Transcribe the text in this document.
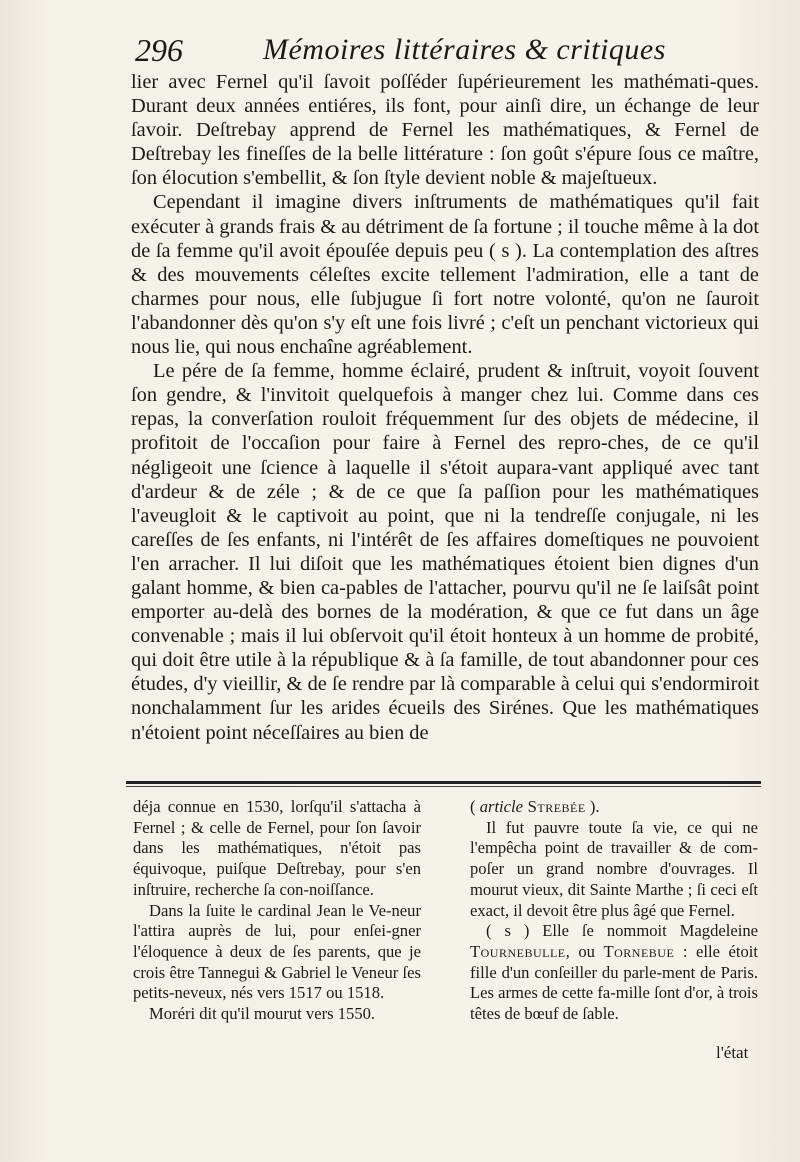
296	Mémoires littéraires & critiques

lier avec Fernel qu'il ſavoit poſſéder ſupérieurement les mathémati-ques. Durant deux années entiéres, ils font, pour ainſi dire, un échange de leur ſavoir. Deſtrebay apprend de Fernel les mathématiques, & Fernel de Deſtrebay les fineſſes de la belle littérature : ſon goût s'épure ſous ce maître, ſon élocution s'embellit, & ſon ſtyle devient noble & majeſtueux.

Cependant il imagine divers inſtruments de mathématiques qu'il fait exécuter à grands frais & au détriment de ſa fortune ; il touche même à la dot de ſa femme qu'il avoit épouſée depuis peu ( s ). La contemplation des aſtres & des mouvements céleſtes excite tellement l'admiration, elle a tant de charmes pour nous, elle ſubjugue ſi fort notre volonté, qu'on ne ſauroit l'abandonner dès qu'on s'y eſt une fois livré ; c'eſt un penchant victorieux qui nous lie, qui nous enchaîne agréablement.

Le pére de ſa femme, homme éclairé, prudent & inſtruit, voyoit ſouvent ſon gendre, & l'invitoit quelquefois à manger chez lui. Comme dans ces repas, la converſation rouloit fréquemment ſur des objets de médecine, il profitoit de l'occaſion pour faire à Fernel des repro-ches, de ce qu'il négligeoit une ſcience à laquelle il s'étoit aupara-vant appliqué avec tant d'ardeur & de zéle ; & de ce que ſa paſſion pour les mathématiques l'aveugloit & le captivoit au point, que ni la tendreſſe conjugale, ni les careſſes de ſes enfants, ni l'intérêt de ſes affaires domeſtiques ne pouvoient l'en arracher. Il lui diſoit que les mathématiques étoient bien dignes d'un galant homme, & bien ca-pables de l'attacher, pourvu qu'il ne ſe laiſsât point emporter au-delà des bornes de la modération, & que ce fut dans un âge convenable ; mais il lui obſervoit qu'il étoit honteux à un homme de probité, qui doit être utile à la république & à ſa famille, de tout abandonner pour ces études, d'y vieillir, & de ſe rendre par là comparable à celui qui s'endormiroit nonchalamment ſur les arides écueils des Sirénes. Que les mathématiques n'étoient point néceſſaires au bien de

déja connue en 1530, lorſqu'il s'attacha à Fernel ; & celle de Fernel, pour ſon ſavoir dans les mathématiques, n'étoit pas équivoque, puiſque Deſtrebay, pour s'en inſtruire, recherche ſa con-noiſſance.

Dans la ſuite le cardinal Jean le Ve-neur l'attira auprès de lui, pour enſei-gner l'éloquence à deux de ſes parents, que je crois être Tannegui & Gabriel le Veneur ſes petits-neveux, nés vers 1517 ou 1518.

Moréri dit qu'il mourut vers 1550.

( article Strebée ).

Il fut pauvre toute ſa vie, ce qui ne l'empêcha point de travailler & de com-poſer un grand nombre d'ouvrages. Il mourut vieux, dit Sainte Marthe ; ſi ceci eſt exact, il devoit être plus âgé que Fernel.

( s ) Elle ſe nommoit Magdeleine Tournebulle, ou Tornebue : elle étoit fille d'un conſeiller du parle-ment de Paris. Les armes de cette fa-mille ſont d'or, à trois têtes de bœuf de ſable.

l'état
